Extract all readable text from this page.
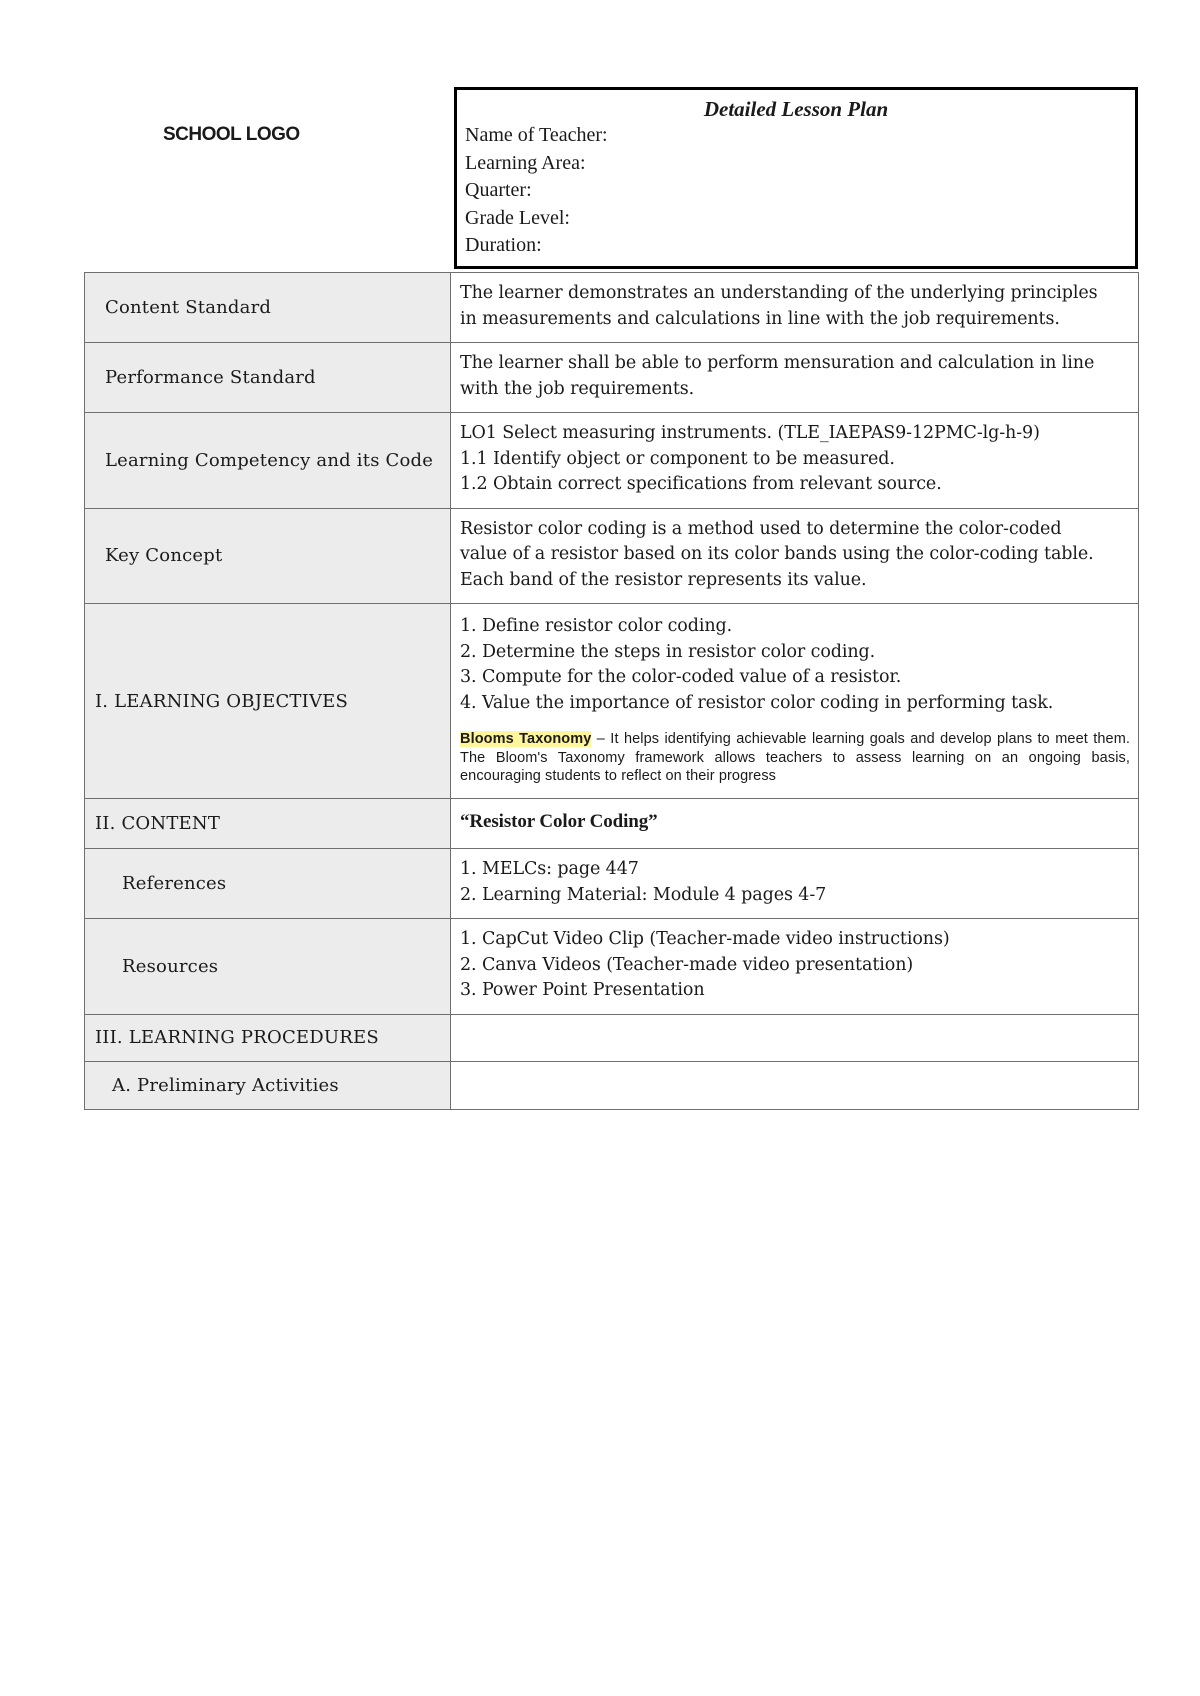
SCHOOL LOGO
Detailed Lesson Plan
Name of Teacher:
Learning Area:
Quarter:
Grade Level:
Duration:
Content Standard	The learner demonstrates an understanding of the underlying principles
in measurements and calculations in line with the job requirements.

Performance Standard	The learner shall be able to perform mensuration and calculation in line
with the job requirements.

Learning Competency and its Code	LO1 Select measuring instruments. (TLE_IAEPAS9-12PMC-lg-h-9)
1.1 Identify object or component to be measured.
1.2 Obtain correct specifications from relevant source.

Key Concept	Resistor color coding is a method used to determine the color-coded
value of a resistor based on its color bands using the color-coding table.
Each band of the resistor represents its value.

I. LEARNING OBJECTIVES	1. Define resistor color coding.
2. Determine the steps in resistor color coding.
3. Compute for the color-coded value of a resistor.
4. Value the importance of resistor color coding in performing task.
Blooms Taxonomy – It helps identifying achievable learning goals and develop plans to meet them. The Bloom's Taxonomy framework allows teachers to assess learning on an ongoing basis, encouraging students to reflect on their progress

II. CONTENT	“Resistor Color Coding”
References	1. MELCs: page 447
2. Learning Material: Module 4 pages 4-7

Resources	1. CapCut Video Clip (Teacher-made video instructions)
2. Canva Videos (Teacher-made video presentation)
3. Power Point Presentation

III. LEARNING PROCEDURES	
A. Preliminary Activities	
